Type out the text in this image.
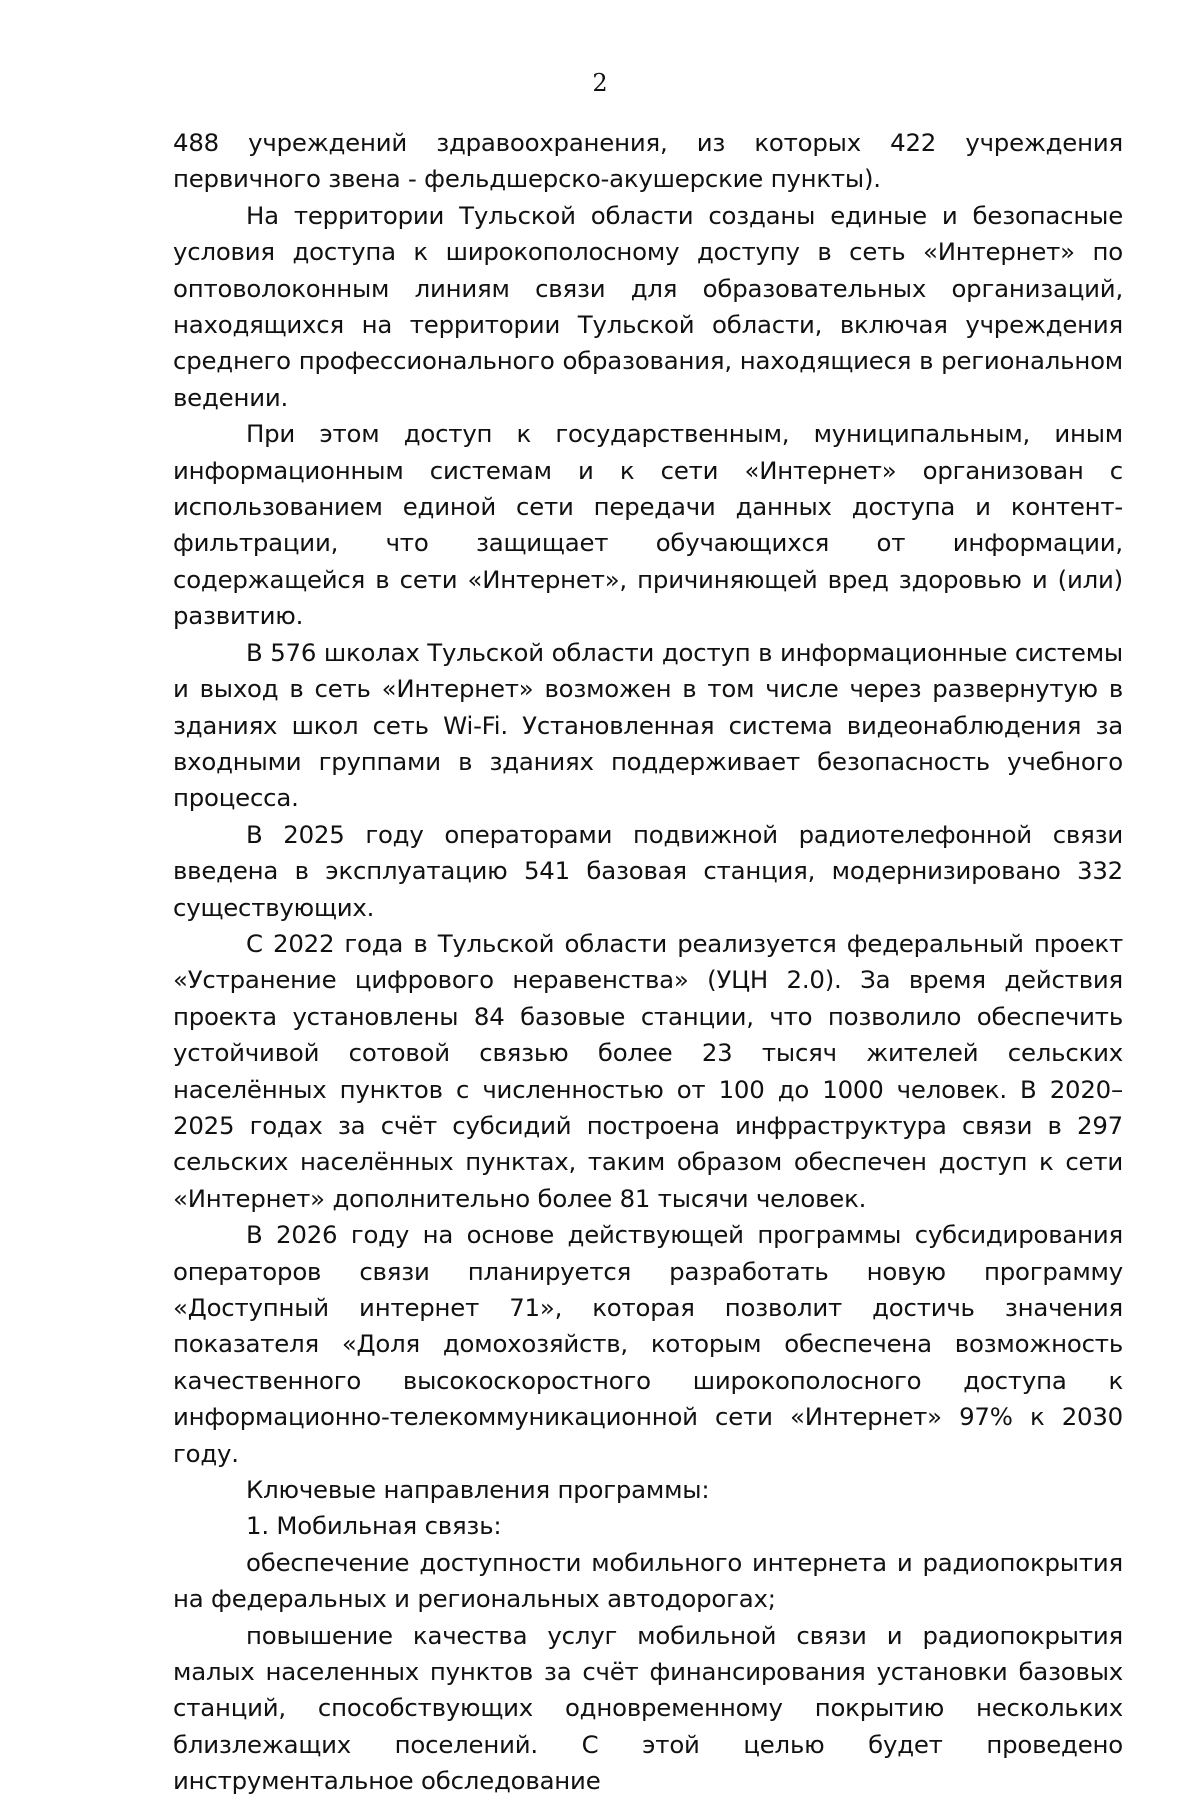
2

488 учреждений здравоохранения, из которых 422 учреждения первичного звена - фельдшерско-акушерские пункты).

На территории Тульской области созданы единые и безопасные условия доступа к широкополосному доступу в сеть «Интернет» по оптоволоконным линиям связи для образовательных организаций, находящихся на территории Тульской области, включая учреждения среднего профессионального образования, находящиеся в региональном ведении.

При этом доступ к государственным, муниципальным, иным информационным системам и к сети «Интернет» организован с использованием единой сети передачи данных доступа и контент-фильтрации, что защищает обучающихся от информации, содержащейся в сети «Интернет», причиняющей вред здоровью и (или) развитию.

В 576 школах Тульской области доступ в информационные системы и выход в сеть «Интернет» возможен в том числе через развернутую в зданиях школ сеть Wi-Fi. Установленная система видеонаблюдения за входными группами в зданиях поддерживает безопасность учебного процесса.

В 2025 году операторами подвижной радиотелефонной связи введена в эксплуатацию 541 базовая станция, модернизировано 332 существующих.

С 2022 года в Тульской области реализуется федеральный проект «Устранение цифрового неравенства» (УЦН 2.0). За время действия проекта установлены 84 базовые станции, что позволило обеспечить устойчивой сотовой связью более 23 тысяч жителей сельских населённых пунктов с численностью от 100 до 1000 человек. В 2020–2025 годах за счёт субсидий построена инфраструктура связи в 297 сельских населённых пунктах, таким образом обеспечен доступ к сети «Интернет» дополнительно более 81 тысячи человек.

В 2026 году на основе действующей программы субсидирования операторов связи планируется разработать новую программу «Доступный интернет 71», которая позволит достичь значения показателя «Доля домохозяйств, которым обеспечена возможность качественного высокоскоростного широкополосного доступа к информационно-телекоммуникационной сети «Интернет» 97% к 2030 году.

Ключевые направления программы:

1. Мобильная связь:

обеспечение доступности мобильного интернета и радиопокрытия на федеральных и региональных автодорогах;

повышение качества услуг мобильной связи и радиопокрытия малых населенных пунктов за счёт финансирования установки базовых станций, способствующих одновременному покрытию нескольких близлежащих поселений. С этой целью будет проведено инструментальное обследование
